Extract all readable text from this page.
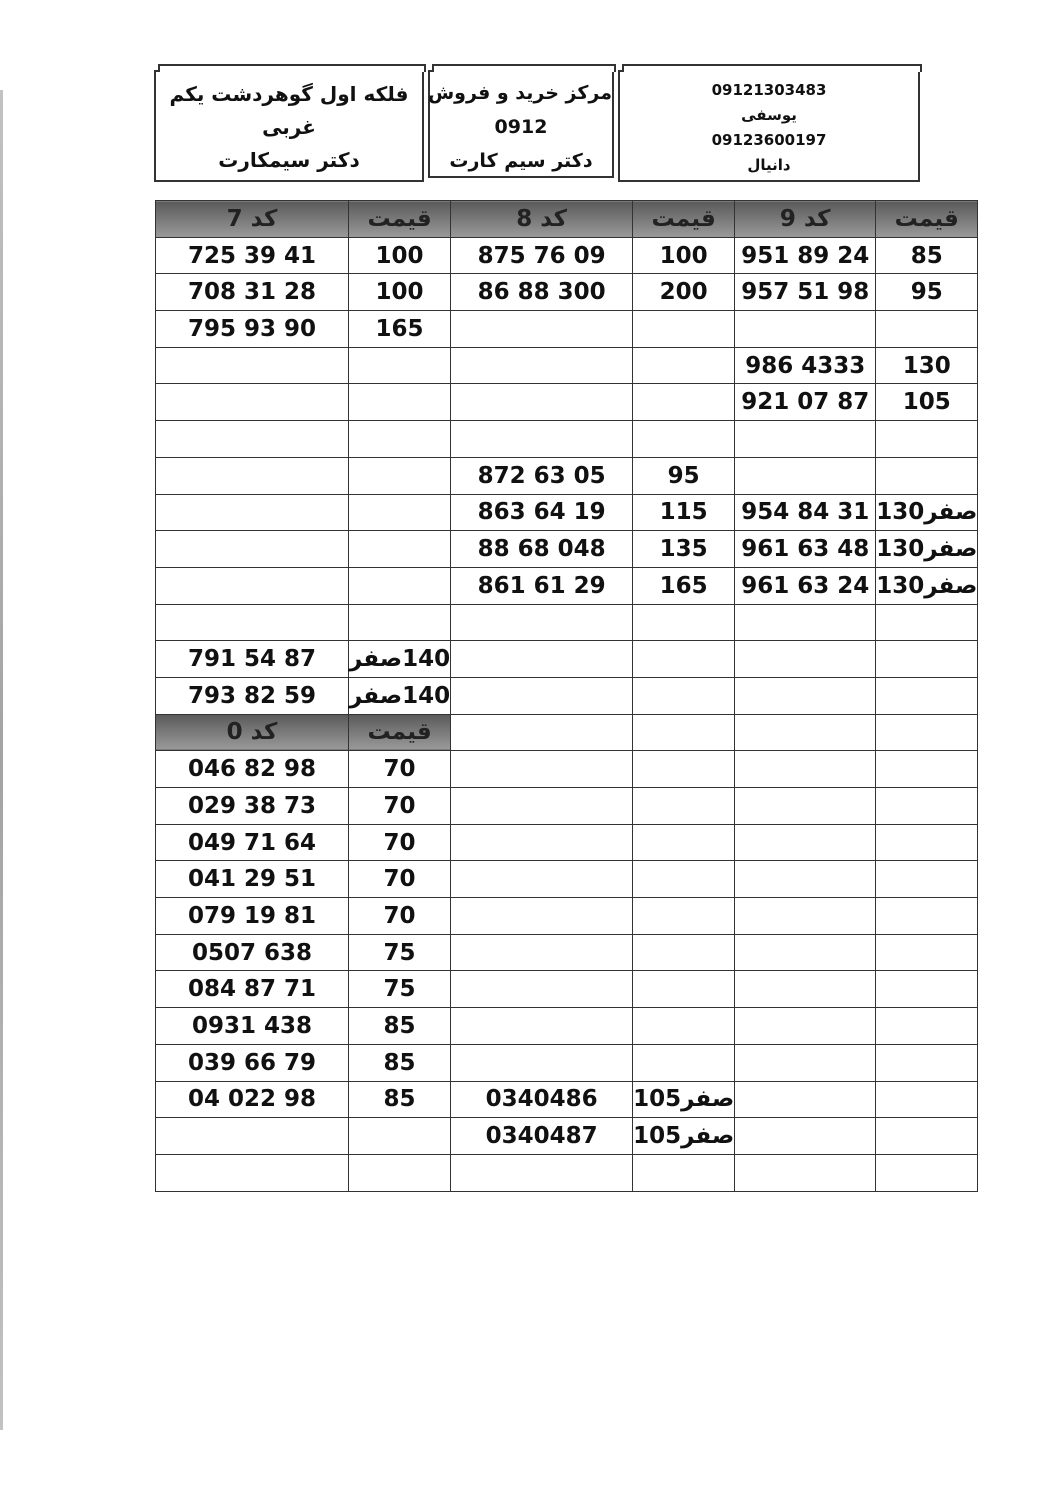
فلکه اول گوهردشت یکم
غربی
دکتر سیمکارت
مرکز خرید و فروش
0912
دکتر سیم کارت
09121303483
یوسفی
09123600197
دانیال
کد 7	قیمت	کد 8	قیمت	کد 9	قیمت
725 39 41	100	875 76 09	100	951 89 24	85
708 31 28	100	86 88 300	200	957 51 98	95
795 93 90	165				
				986 4333	130
				921 07 87	105

		872 63 05	95		
		863 64 19	115	954 84 31	صفر130
		88 68 048	135	961 63 48	صفر130
		861 61 29	165	961 63 24	صفر130

791 54 87	140صفر				
793 82 59	140صفر				
کد 0	قیمت				
046 82 98	70				
029 38 73	70				
049 71 64	70				
041 29 51	70				
079 19 81	70				
0507 638	75				
084 87 71	75				
0931 438	85				
039 66 79	85				
04 022 98	85	0340486	صفر105		
		0340487	صفر105		
